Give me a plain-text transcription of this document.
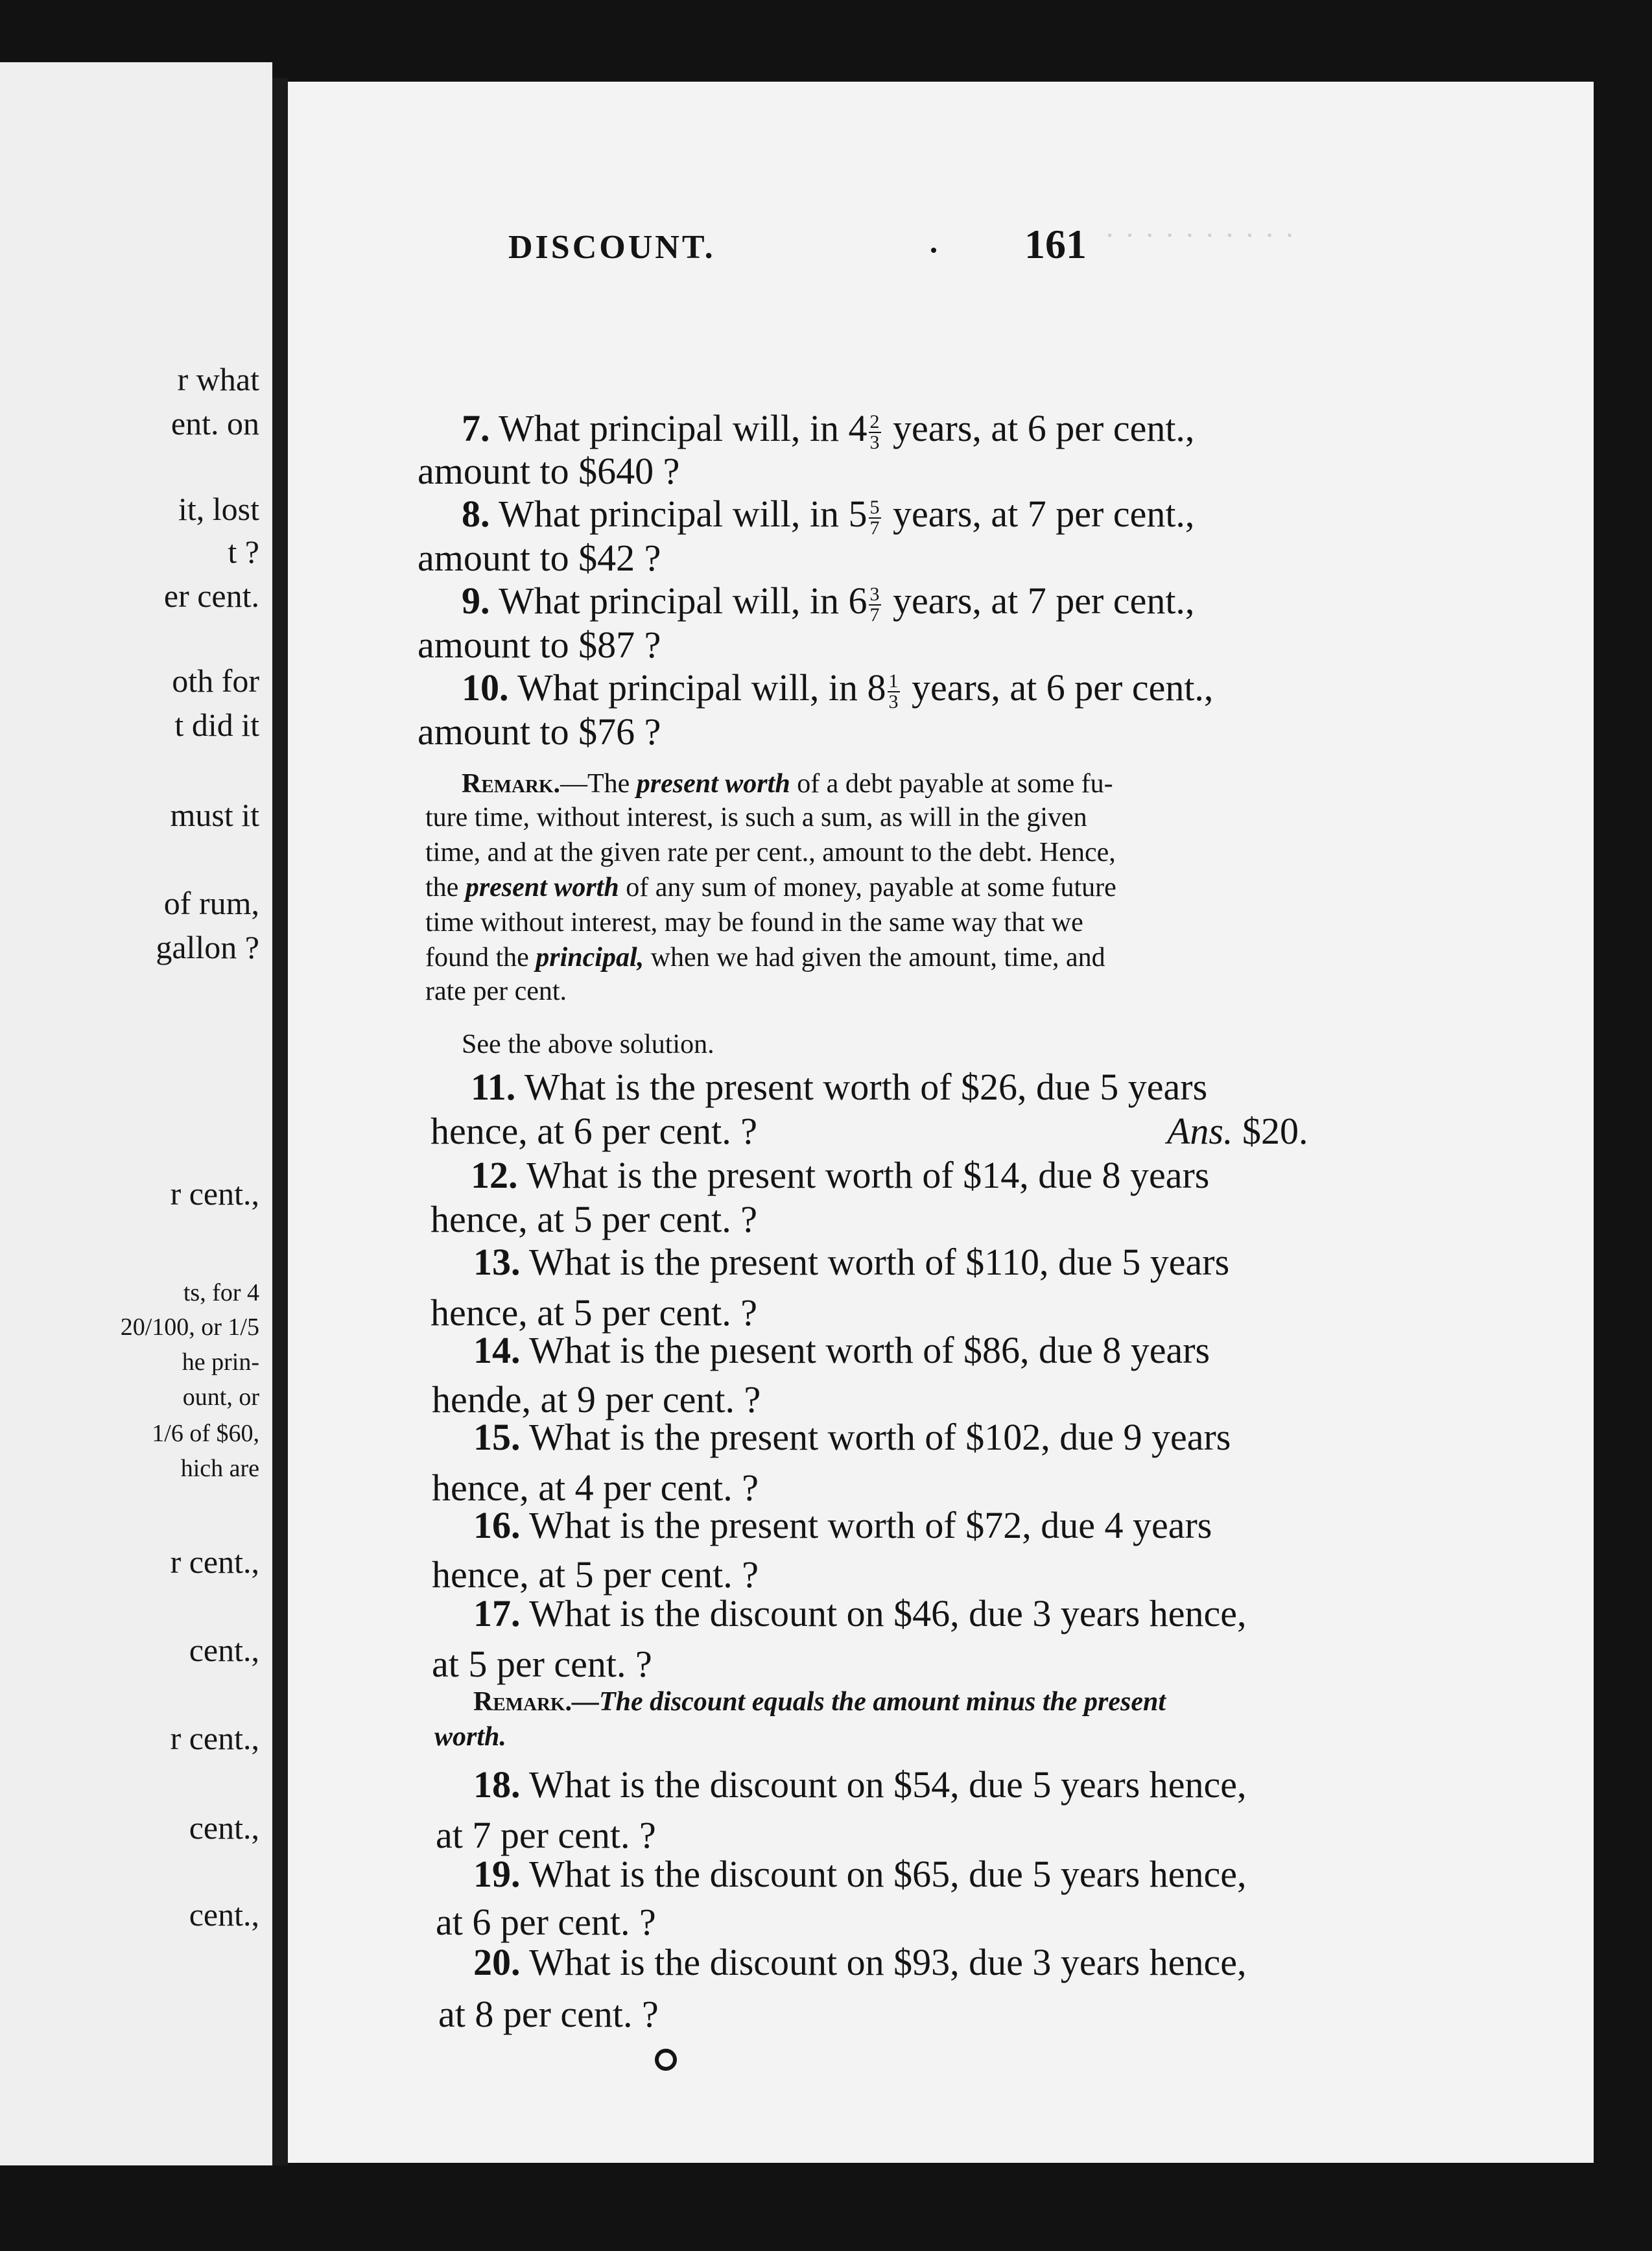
r what
ent. on
it, lost
t ?
er cent.
oth for
t did it
must it
of rum,
gallon ?
r cent.,
ts, for 4
20/100, or 1/5
he prin-
ount, or
1/6 of $60,
hich are
r cent.,
cent.,
r cent.,
cent.,
cent.,
· · · · · · · · · ·
DISCOUNT.	161
7. What principal will, in $4 \frac{2}{3}$ years, at 6 per cent.,
amount to $640 ?
8. What principal will, in $5 \frac{5}{7}$ years, at 7 per cent.,
amount to $42 ?
9. What principal will, in $6 \frac{3}{7}$ years, at 7 per cent.,
amount to $87 ?
10. What principal will, in $8 \frac{1}{3}$ years, at 6 per cent.,
amount to $76 ?
Remark.—The present worth of a debt payable at some fu-
ture time, without interest, is such a sum, as will in the given
time, and at the given rate per cent., amount to the debt. Hence,
the present worth of any sum of money, payable at some future
time without interest, may be found in the same way that we
found the principal, when we had given the amount, time, and
rate per cent.
See the above solution.
11. What is the present worth of $26, due 5 years
hence, at 6 per cent. ?	Ans. $20.
12. What is the present worth of $14, due 8 years
hence, at 5 per cent. ?
13. What is the present worth of $110, due 5 years
hence, at 5 per cent. ?
14. What is the pıesent worth of $86, due 8 years
hende, at 9 per cent. ?
15. What is the present worth of $102, due 9 years
hence, at 4 per cent. ?
16. What is the present worth of $72, due 4 years
hence, at 5 per cent. ?
17. What is the discount on $46, due 3 years hence,
at 5 per cent. ?
Remark.—The discount equals the amount minus the present
worth.
18. What is the discount on $54, due 5 years hence,
at 7 per cent. ?
19. What is the discount on $65, due 5 years hence,
at 6 per cent. ?
20. What is the discount on $93, due 3 years hence,
at 8 per cent. ?
